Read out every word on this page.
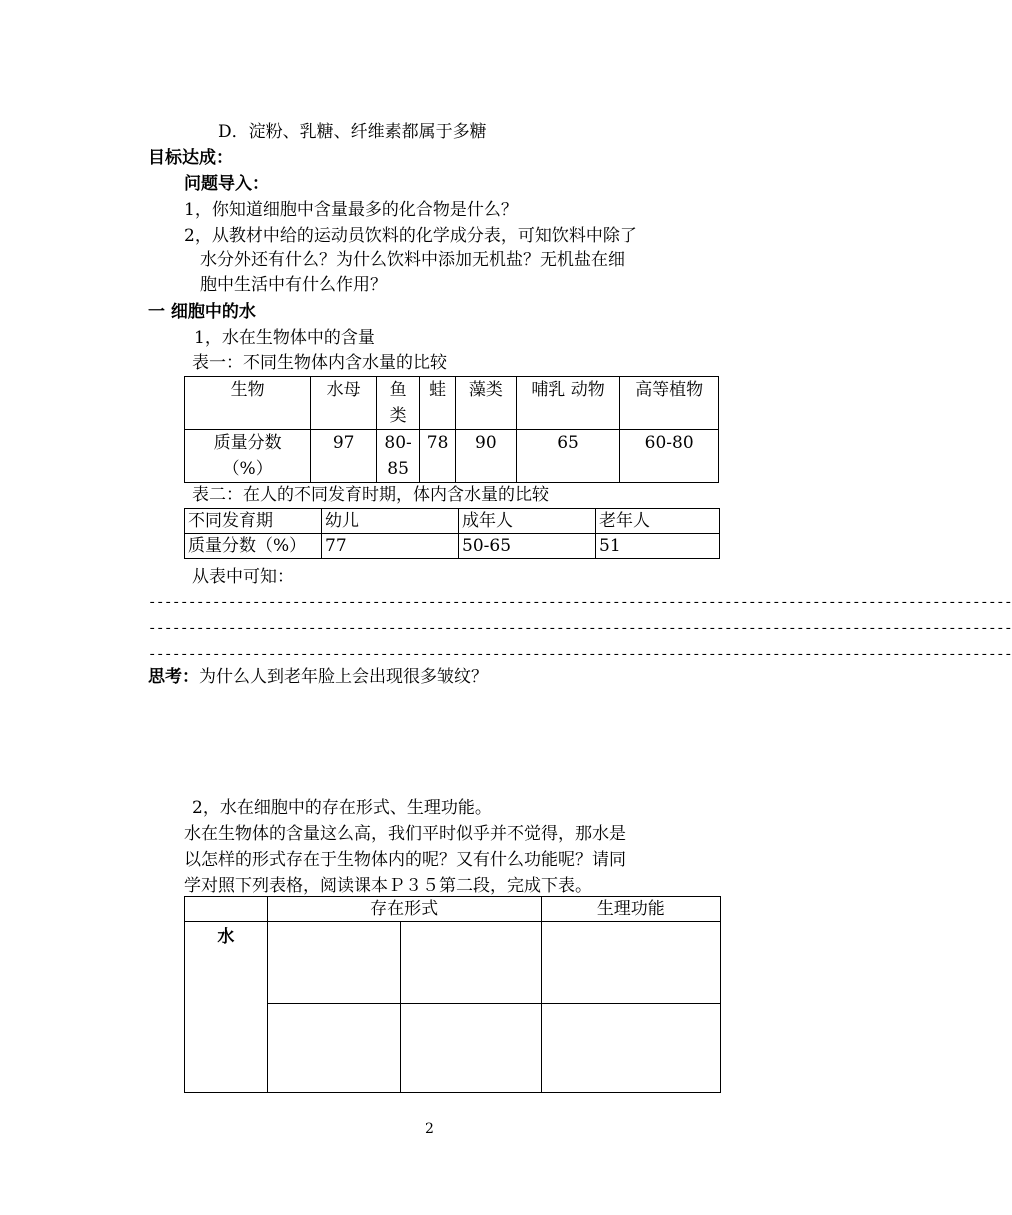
D．淀粉、乳糖、纤维素都属于多糖
目标达成：
问题导入：
1，你知道细胞中含量最多的化合物是什么？
2，从教材中给的运动员饮料的化学成分表，可知饮料中除了
水分外还有什么？为什么饮料中添加无机盐？无机盐在细
胞中生活中有什么作用？
一 细胞中的水
1，水在生物体中的含量
表一：不同生物体内含水量的比较
生物	水母	鱼类	蛙	藻类	哺乳 动物	高等植物

质量分数（%）	97	80-85	78	90	65	60-80
表二：在人的不同发育时期，体内含水量的比较
不同发育期	幼儿	成年人	老年人
质量分数（%）	77	50-65	51
从表中可知：
------------------------------------------------------------------------------------------------------------
------------------------------------------------------------------------------------------------------------
------------------------------------------------------------------------------------------------------------
思考：为什么人到老年脸上会出现很多皱纹？
2，水在细胞中的存在形式、生理功能。
水在生物体的含量这么高，我们平时似乎并不觉得，那水是
以怎样的形式存在于生物体内的呢？又有什么功能呢？请同
学对照下列表格，阅读课本Ｐ３５第二段，完成下表。
	存在形式		生理功能
水			

2
